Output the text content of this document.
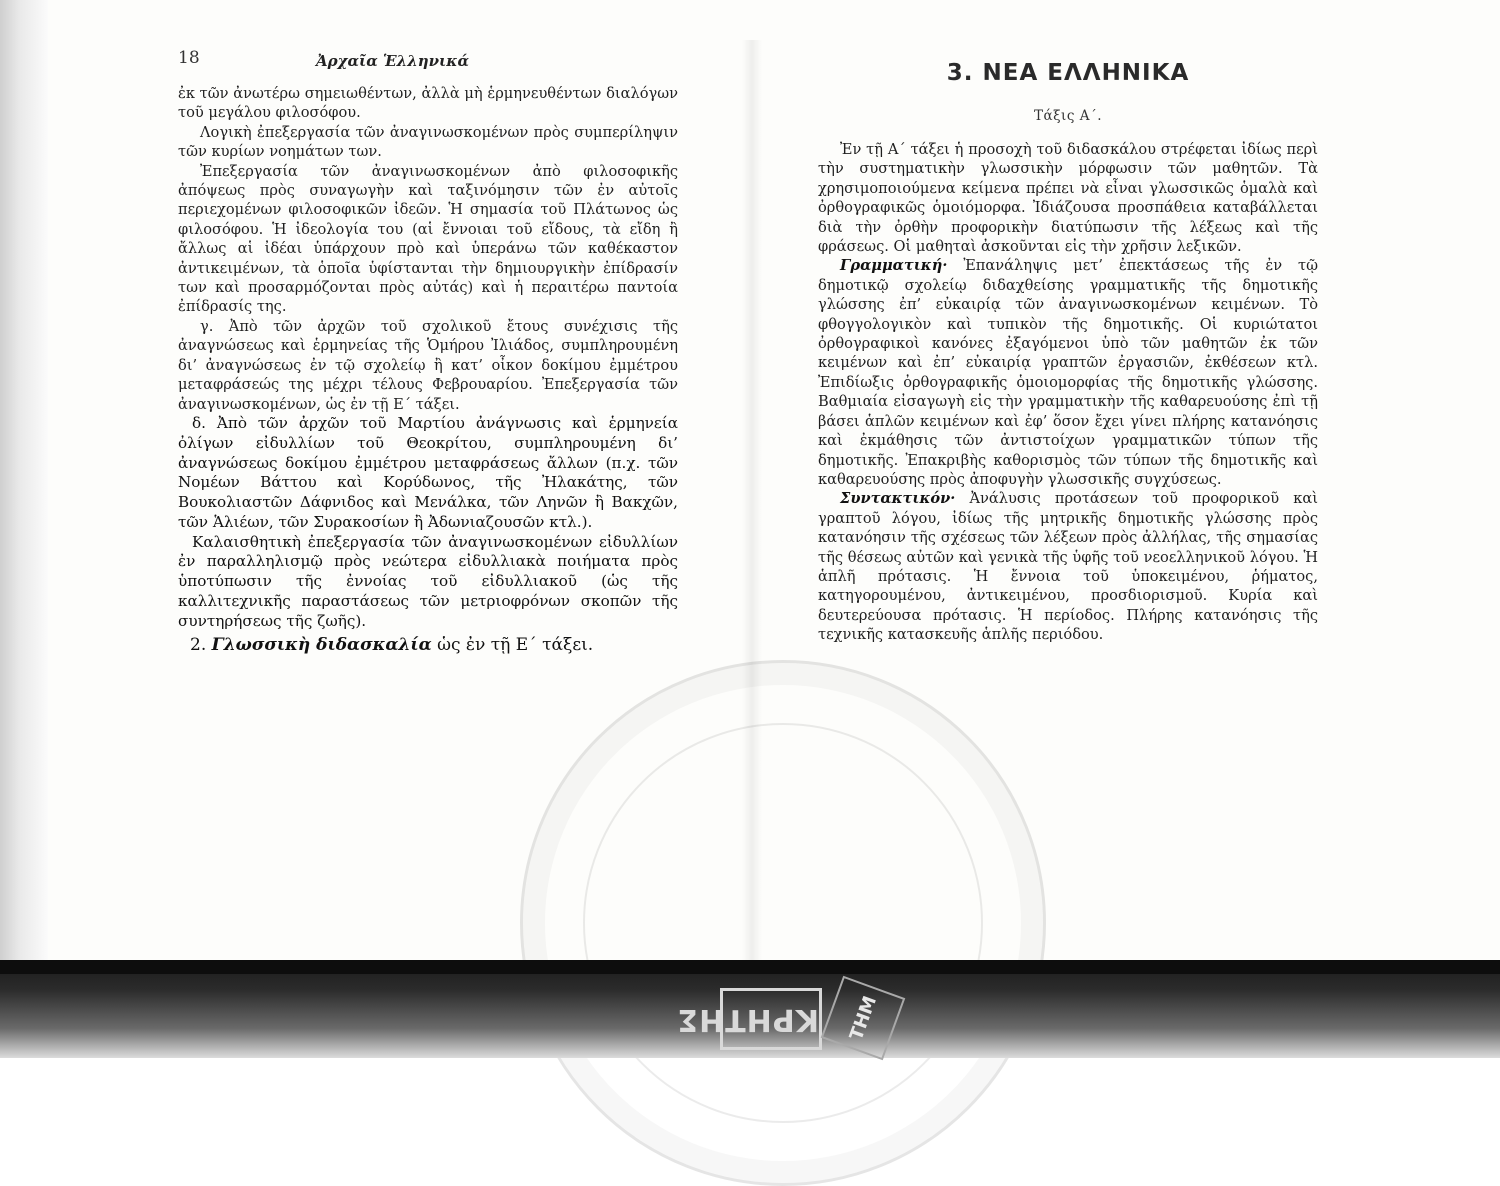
18	Ἀρχαῖα Ἑλληνικά

ἐκ τῶν ἀνωτέρω σημειωθέντων, ἀλλὰ μὴ ἑρμηνευθέντων διαλόγων τοῦ μεγάλου φιλοσόφου.

Λογικὴ ἐπεξεργασία τῶν ἀναγινωσκομένων πρὸς συμπερίληψιν τῶν κυρίων νοημάτων των.

Ἐπεξεργασία τῶν ἀναγινωσκομένων ἀπὸ φιλοσοφικῆς ἀπόψεως πρὸς συναγωγὴν καὶ ταξινόμησιν τῶν ἐν αὐτοῖς περιεχομένων φιλοσοφικῶν ἰδεῶν. Ἡ σημασία τοῦ Πλάτωνος ὡς φιλοσόφου. Ἡ ἰδεολογία του (αἱ ἔννοιαι τοῦ εἴδους, τὰ εἴδη ἢ ἄλλως αἱ ἰδέαι ὑπάρχουν πρὸ καὶ ὑπεράνω τῶν καθέκαστον ἀντικειμένων, τὰ ὁποῖα ὑφίστανται τὴν δημιουργικὴν ἐπίδρασίν των καὶ προσαρμόζονται πρὸς αὐτάς) καὶ ἡ περαιτέρω παντοία ἐπίδρασίς της.

γ. Ἀπὸ τῶν ἀρχῶν τοῦ σχολικοῦ ἔτους συνέχισις τῆς ἀναγνώσεως καὶ ἑρμηνείας τῆς Ὁμήρου Ἰλιάδος, συμπληρουμένη δι’ ἀναγνώσεως ἐν τῷ σχολείῳ ἢ κατ’ οἶκον δοκίμου ἐμμέτρου μεταφράσεώς της μέχρι τέλους Φεβρουαρίου. Ἐπεξεργασία τῶν ἀναγινωσκομένων, ὡς ἐν τῇ Ε΄ τάξει.

δ. Ἀπὸ τῶν ἀρχῶν τοῦ Μαρτίου ἀνάγνωσις καὶ ἑρμηνεία ὀλίγων εἰδυλλίων τοῦ Θεοκρίτου, συμπληρουμένη δι’ ἀναγνώσεως δοκίμου ἐμμέτρου μεταφράσεως ἄλλων (π.χ. τῶν Νομέων Βάττου καὶ Κορύδωνος, τῆς Ἠλακάτης, τῶν Βουκολιαστῶν Δάφνιδος καὶ Μενάλκα, τῶν Ληνῶν ἢ Βακχῶν, τῶν Ἁλιέων, τῶν Συρακοσίων ἢ Ἀδωνιαζουσῶν κτλ.).

Καλαισθητικὴ ἐπεξεργασία τῶν ἀναγινωσκομένων εἰδυλλίων ἐν παραλληλισμῷ πρὸς νεώτερα εἰδυλλιακὰ ποιήματα πρὸς ὑποτύπωσιν τῆς ἐννοίας τοῦ εἰδυλλιακοῦ (ὡς τῆς καλλιτεχνικῆς παραστάσεως τῶν μετριοφρόνων σκοπῶν τῆς συντηρήσεως τῆς ζωῆς).

2. Γλωσσικὴ διδασκαλία ὡς ἐν τῇ Ε΄ τάξει.

3. ΝΕΑ ΕΛΛΗΝΙΚΑ
Τάξις Α΄.

Ἐν τῇ Α΄ τάξει ἡ προσοχὴ τοῦ διδασκάλου στρέφεται ἰδίως περὶ τὴν συστηματικὴν γλωσσικὴν μόρφωσιν τῶν μαθητῶν. Τὰ χρησιμοποιούμενα κείμενα πρέπει νὰ εἶναι γλωσσικῶς ὁμαλὰ καὶ ὀρθογραφικῶς ὁμοιόμορφα. Ἰδιάζουσα προσπάθεια καταβάλλεται διὰ τὴν ὀρθὴν προφορικὴν διατύπωσιν τῆς λέξεως καὶ τῆς φράσεως. Οἱ μαθηταὶ ἀσκοῦνται εἰς τὴν χρῆσιν λεξικῶν.

Γραμματική· Ἐπανάληψις μετ’ ἐπεκτάσεως τῆς ἐν τῷ δημοτικῷ σχολείῳ διδαχθείσης γραμματικῆς τῆς δημοτικῆς γλώσσης ἐπ’ εὐκαιρίᾳ τῶν ἀναγινωσκομένων κειμένων. Τὸ φθογγολογικὸν καὶ τυπικὸν τῆς δημοτικῆς. Οἱ κυριώτατοι ὀρθογραφικοὶ κανόνες ἐξαγόμενοι ὑπὸ τῶν μαθητῶν ἐκ τῶν κειμένων καὶ ἐπ’ εὐκαιρίᾳ γραπτῶν ἐργασιῶν, ἐκθέσεων κτλ. Ἐπιδίωξις ὀρθογραφικῆς ὁμοιομορφίας τῆς δημοτικῆς γλώσσης. Βαθμιαία εἰσαγωγὴ εἰς τὴν γραμματικὴν τῆς καθαρευούσης ἐπὶ τῇ βάσει ἁπλῶν κειμένων καὶ ἐφ’ ὅσον ἔχει γίνει πλήρης κατανόησις καὶ ἐκμάθησις τῶν ἀντιστοίχων γραμματικῶν τύπων τῆς δημοτικῆς. Ἐπακριβὴς καθορισμὸς τῶν τύπων τῆς δημοτικῆς καὶ καθαρευούσης πρὸς ἀποφυγὴν γλωσσικῆς συγχύσεως.

Συντακτικόν· Ἀνάλυσις προτάσεων τοῦ προφορικοῦ καὶ γραπτοῦ λόγου, ἰδίως τῆς μητρικῆς δημοτικῆς γλώσσης πρὸς κατανόησιν τῆς σχέσεως τῶν λέξεων πρὸς ἀλλήλας, τῆς σημασίας τῆς θέσεως αὐτῶν καὶ γενικὰ τῆς ὑφῆς τοῦ νεοελληνικοῦ λόγου. Ἡ ἁπλῆ πρότασις. Ἡ ἔννοια τοῦ ὑποκειμένου, ῥήματος, κατηγορουμένου, ἀντικειμένου, προσδιορισμοῦ. Κυρία καὶ δευτερεύουσα πρότασις. Ἡ περίοδος. Πλήρης κατανόησις τῆς τεχνικῆς κατασκευῆς ἁπλῆς περιόδου.

ΚΡΗΤΗΣ	ΤΗΜ
